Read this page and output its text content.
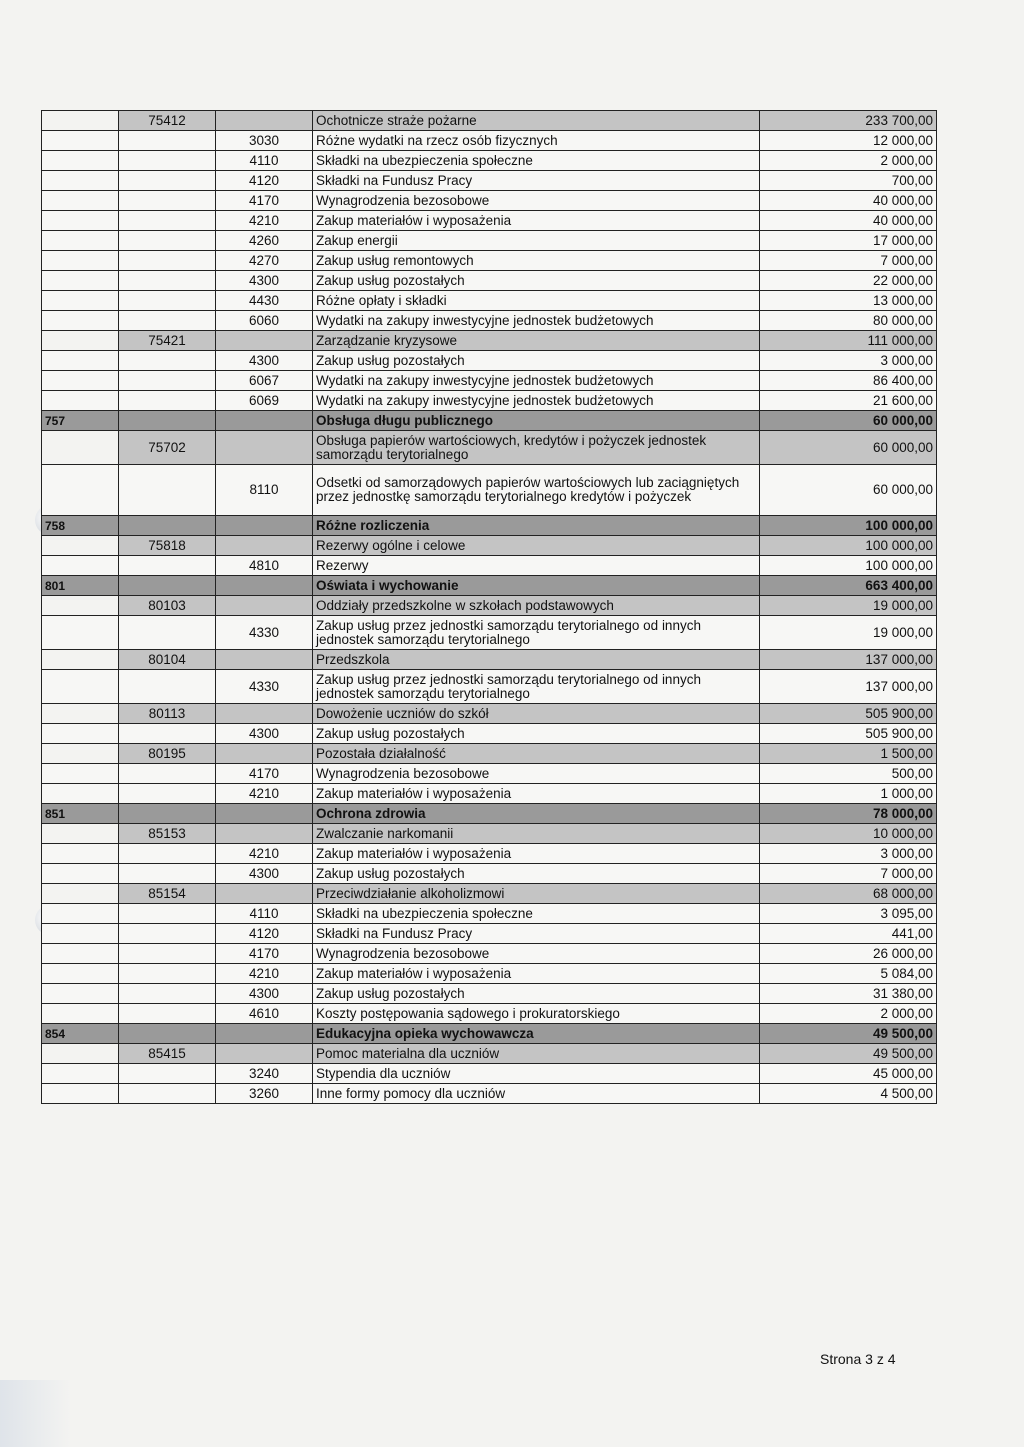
	75412		Ochotnicze straże pożarne	233 700,00
		3030	Różne wydatki na rzecz osób fizycznych	12 000,00
		4110	Składki na ubezpieczenia społeczne	2 000,00
		4120	Składki na Fundusz Pracy	700,00
		4170	Wynagrodzenia bezosobowe	40 000,00
		4210	Zakup materiałów i wyposażenia	40 000,00
		4260	Zakup energii	17 000,00
		4270	Zakup usług remontowych	7 000,00
		4300	Zakup usług pozostałych	22 000,00
		4430	Różne opłaty i składki	13 000,00
		6060	Wydatki na zakupy inwestycyjne jednostek budżetowych	80 000,00
	75421		Zarządzanie kryzysowe	111 000,00
		4300	Zakup usług pozostałych	3 000,00
		6067	Wydatki na zakupy inwestycyjne jednostek budżetowych	86 400,00
		6069	Wydatki na zakupy inwestycyjne jednostek budżetowych	21 600,00
757			Obsługa długu publicznego	60 000,00
	75702		Obsługa papierów wartościowych, kredytów i pożyczek jednostek samorządu terytorialnego	60 000,00
		8110	Odsetki od samorządowych papierów wartościowych lub zaciągniętych przez jednostkę samorządu terytorialnego kredytów i pożyczek	60 000,00
758			Różne rozliczenia	100 000,00
	75818		Rezerwy ogólne i celowe	100 000,00
		4810	Rezerwy	100 000,00
801			Oświata i wychowanie	663 400,00
	80103		Oddziały przedszkolne w szkołach podstawowych	19 000,00
		4330	Zakup usług przez jednostki samorządu terytorialnego od innych jednostek samorządu terytorialnego	19 000,00
	80104		Przedszkola	137 000,00
		4330	Zakup usług przez jednostki samorządu terytorialnego od innych jednostek samorządu terytorialnego	137 000,00
	80113		Dowożenie uczniów do szkół	505 900,00
		4300	Zakup usług pozostałych	505 900,00
	80195		Pozostała działalność	1 500,00
		4170	Wynagrodzenia bezosobowe	500,00
		4210	Zakup materiałów i wyposażenia	1 000,00
851			Ochrona zdrowia	78 000,00
	85153		Zwalczanie narkomanii	10 000,00
		4210	Zakup materiałów i wyposażenia	3 000,00
		4300	Zakup usług pozostałych	7 000,00
	85154		Przeciwdziałanie alkoholizmowi	68 000,00
		4110	Składki na ubezpieczenia społeczne	3 095,00
		4120	Składki na Fundusz Pracy	441,00
		4170	Wynagrodzenia bezosobowe	26 000,00
		4210	Zakup materiałów i wyposażenia	5 084,00
		4300	Zakup usług pozostałych	31 380,00
		4610	Koszty postępowania sądowego i prokuratorskiego	2 000,00
854			Edukacyjna opieka wychowawcza	49 500,00
	85415		Pomoc materialna dla uczniów	49 500,00
		3240	Stypendia dla uczniów	45 000,00
		3260	Inne formy pomocy dla uczniów	4 500,00
Strona 3 z 4
